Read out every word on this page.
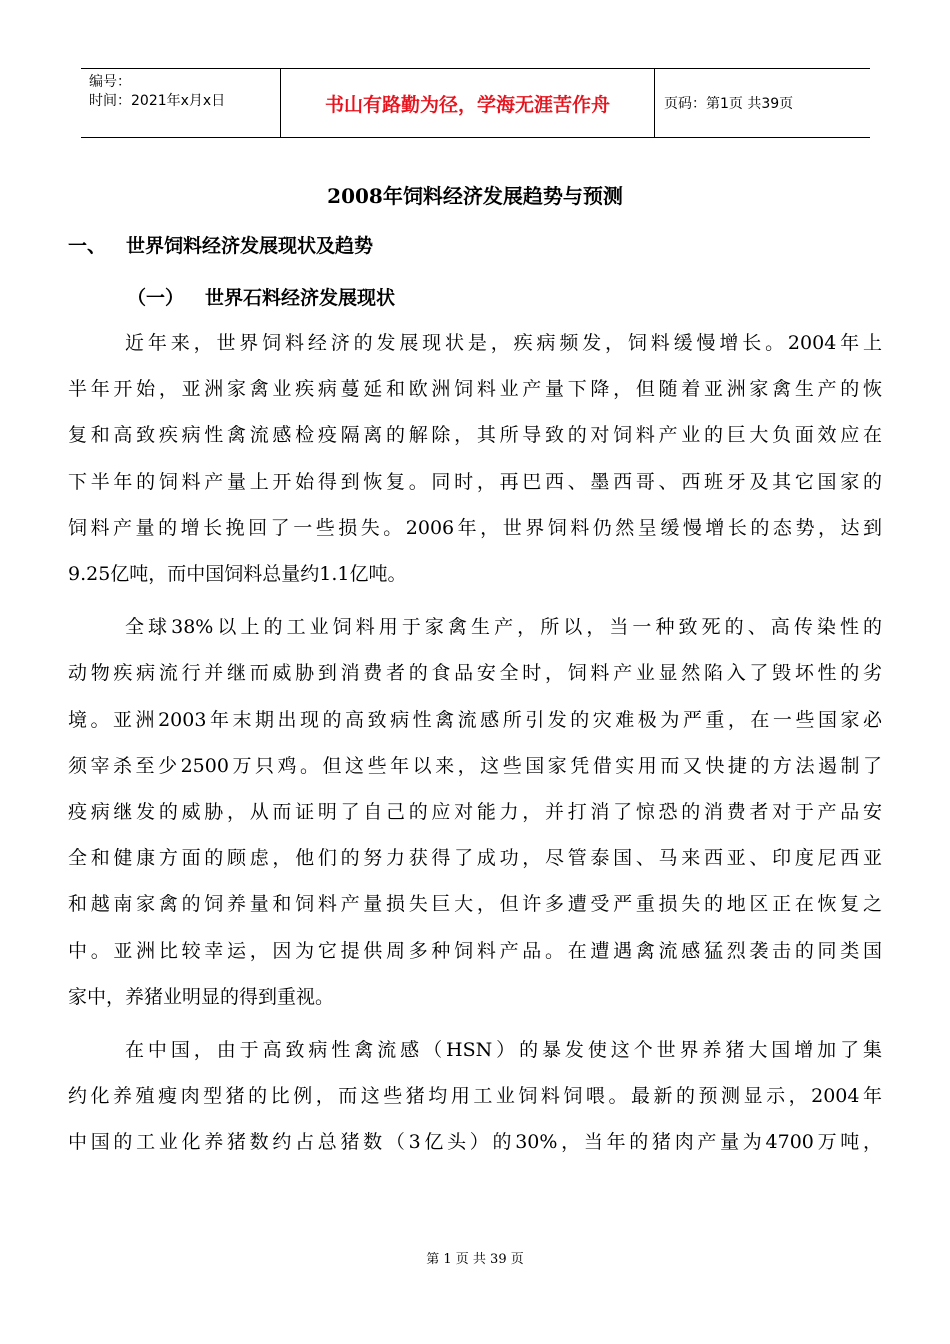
编号：
时间：2021年x月x日	书山有路勤为径，学海无涯苦作舟	页码：第1页 共39页
2008年饲料经济发展趋势与预测
一、 世界饲料经济发展现状及趋势
（一） 世界石料经济发展现状
近年来，世界饲料经济的发展现状是，疾病频发，饲料缓慢增长。2004年上
半年开始，亚洲家禽业疾病蔓延和欧洲饲料业产量下降，但随着亚洲家禽生产的恢
复和高致疾病性禽流感检疫隔离的解除，其所导致的对饲料产业的巨大负面效应在
下半年的饲料产量上开始得到恢复。同时，再巴西、墨西哥、西班牙及其它国家的
饲料产量的增长挽回了一些损失。2006年，世界饲料仍然呈缓慢增长的态势，达到
9.25亿吨，而中国饲料总量约1.1亿吨。
全球38%以上的工业饲料用于家禽生产，所以，当一种致死的、高传染性的
动物疾病流行并继而威胁到消费者的食品安全时，饲料产业显然陷入了毁坏性的劣
境。亚洲2003年末期出现的高致病性禽流感所引发的灾难极为严重，在一些国家必
须宰杀至少2500万只鸡。但这些年以来，这些国家凭借实用而又快捷的方法遏制了
疫病继发的威胁，从而证明了自己的应对能力，并打消了惊恐的消费者对于产品安
全和健康方面的顾虑，他们的努力获得了成功，尽管泰国、马来西亚、印度尼西亚
和越南家禽的饲养量和饲料产量损失巨大，但许多遭受严重损失的地区正在恢复之
中。亚洲比较幸运，因为它提供周多种饲料产品。在遭遇禽流感猛烈袭击的同类国
家中，养猪业明显的得到重视。
在中国，由于高致病性禽流感（HSN）的暴发使这个世界养猪大国增加了集
约化养殖瘦肉型猪的比例，而这些猪均用工业饲料饲喂。最新的预测显示，2004年
中国的工业化养猪数约占总猪数（3亿头）的30%，当年的猪肉产量为4700万吨，
第 1 页 共 39 页
